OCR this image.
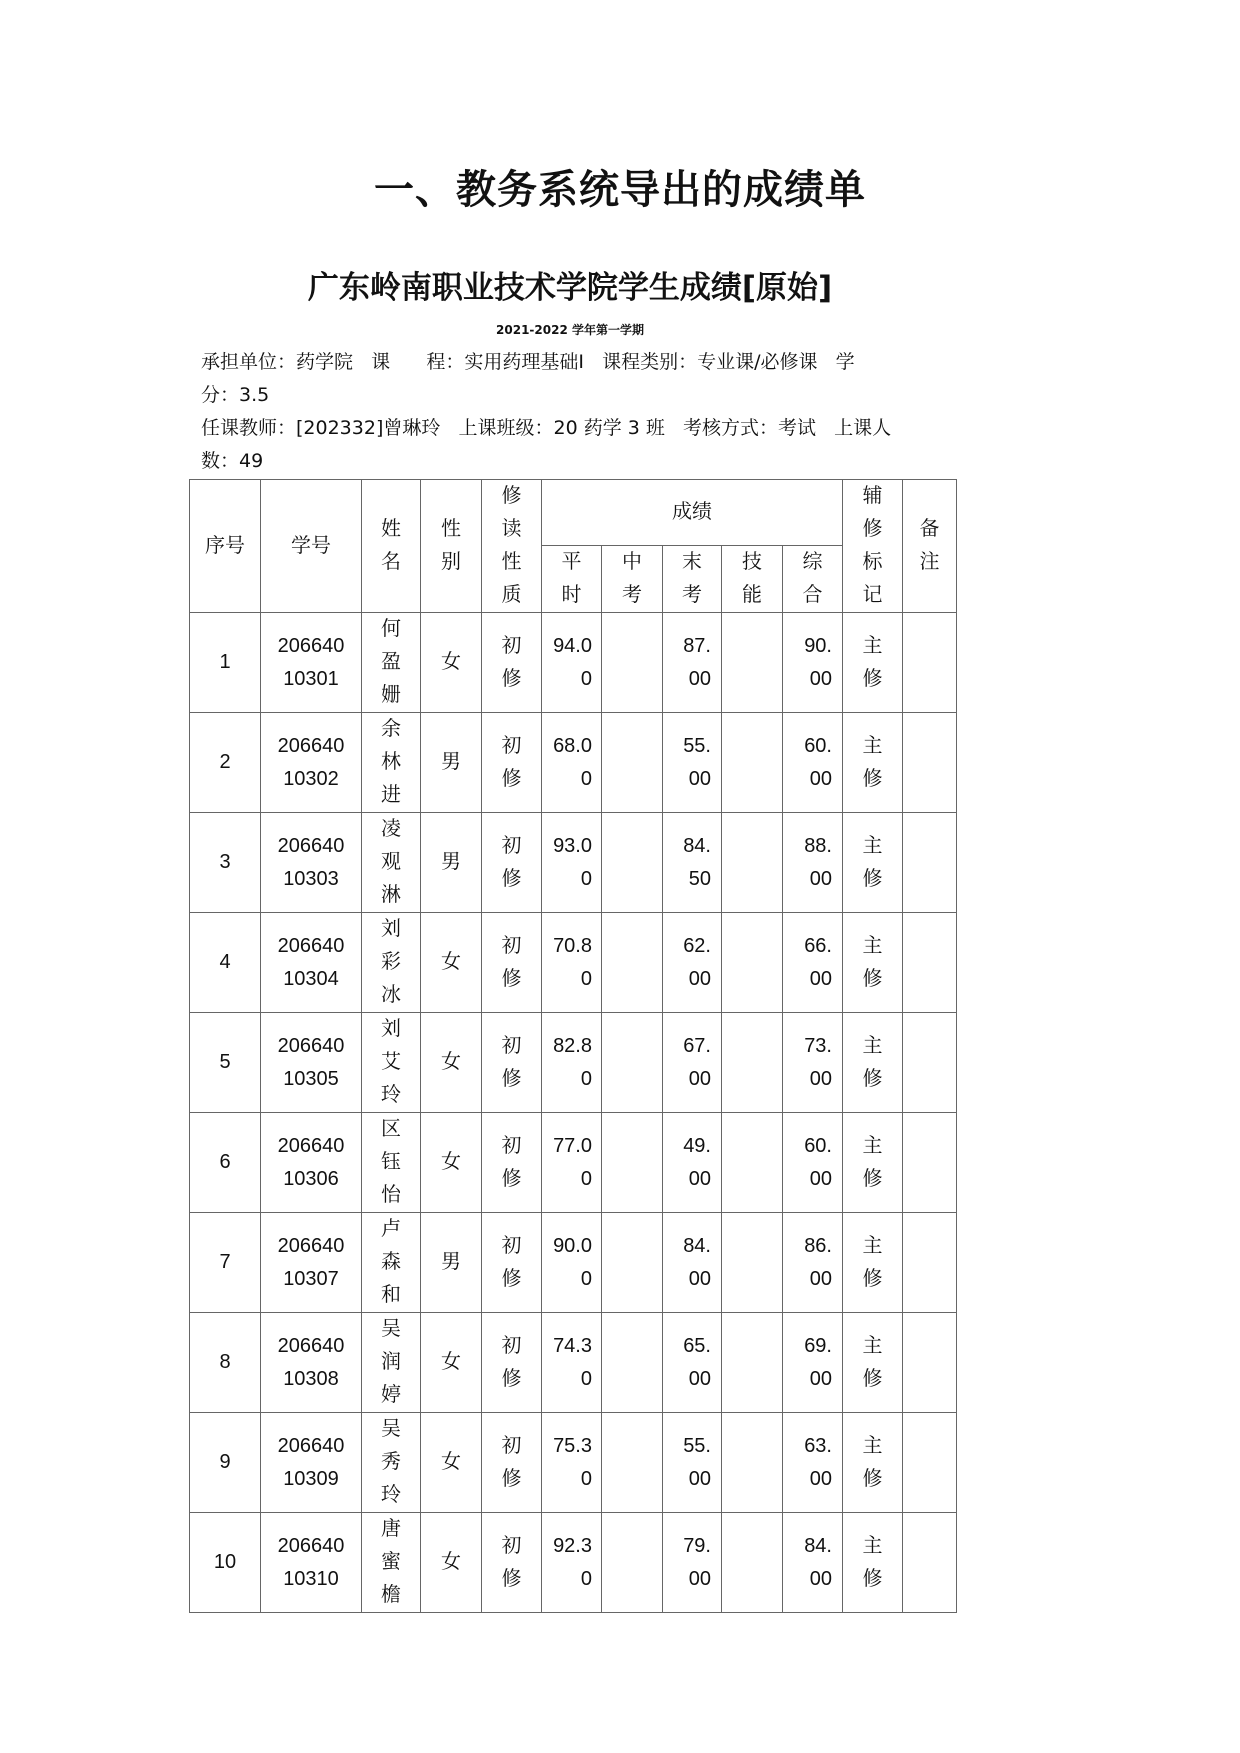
一、教务系统导出的成绩单
广东岭南职业技术学院学生成绩[原始]
2021-2022 学年第一学期
承担单位：药学院   课      程：实用药理基础Ⅰ   课程类别：专业课/必修课   学
分：3.5
任课教师：[202332]曾琳玲   上课班级：20 药学 3 班   考核方式：考试   上课人
数：49
序号	学号	姓名	性别	修读性质	成绩					辅修标记	备注
					平时	中考	末考	技能	综合		
1	20664010301	何盈姗	女	初修	94.00		87.00		90.00	主修	
2	20664010302	余林进	男	初修	68.00		55.00		60.00	主修	
3	20664010303	凌观淋	男	初修	93.00		84.50		88.00	主修	
4	20664010304	刘彩冰	女	初修	70.80		62.00		66.00	主修	
5	20664010305	刘艾玲	女	初修	82.80		67.00		73.00	主修	
6	20664010306	区钰怡	女	初修	77.00		49.00		60.00	主修	
7	20664010307	卢森和	男	初修	90.00		84.00		86.00	主修	
8	20664010308	吴润婷	女	初修	74.30		65.00		69.00	主修	
9	20664010309	吴秀玲	女	初修	75.30		55.00		63.00	主修	
10	20664010310	唐蜜檐	女	初修	92.30		79.00		84.00	主修	
